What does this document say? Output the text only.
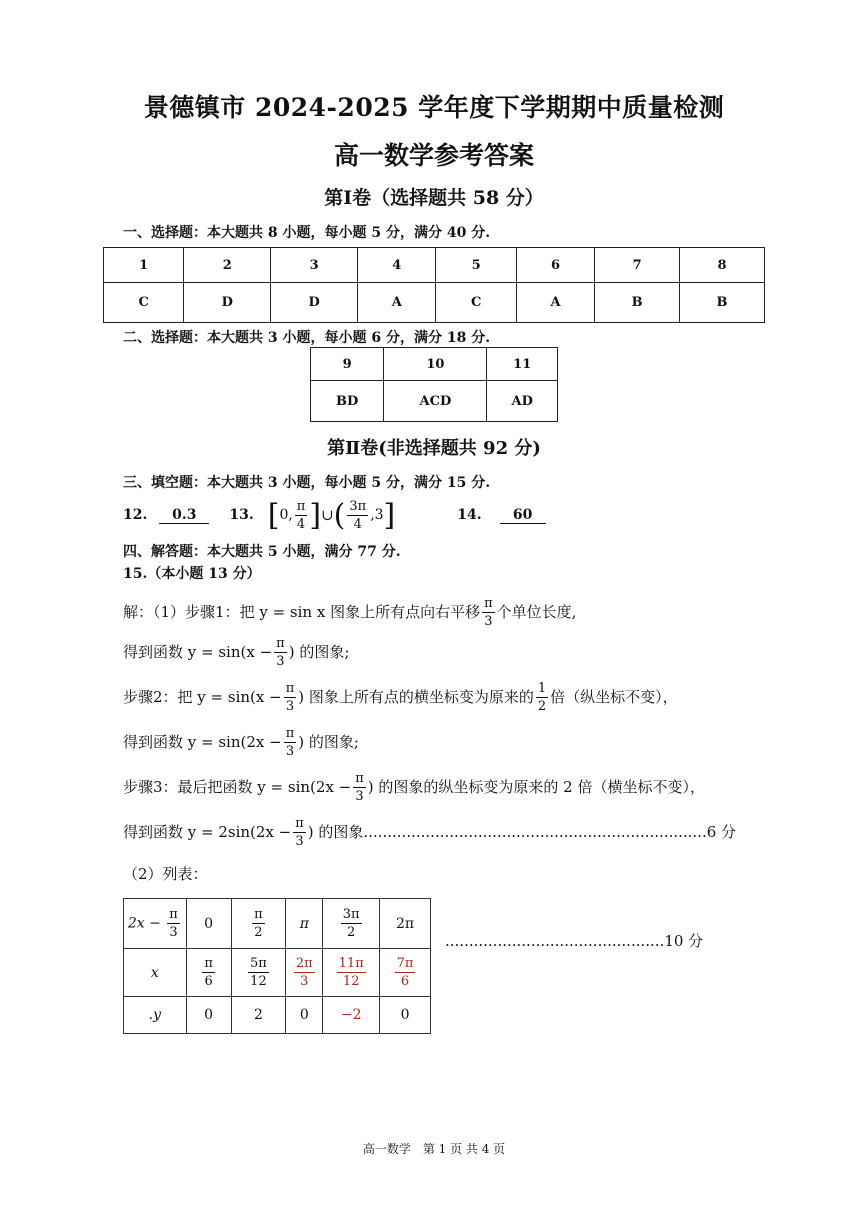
景德镇市 2024-2025 学年度下学期期中质量检测
高一数学参考答案
第Ⅰ卷（选择题共 58 分）
一、选择题：本大题共 8 小题，每小题 5 分，满分 40 分.
1	2	3	4	5	6	7	8
C	D	D	A	C	A	B	B
二、选择题：本大题共 3 小题，每小题 6 分，满分 18 分.
9	10	11
BD	ACD	AD
第Ⅱ卷(非选择题共 92 分)
三、填空题：本大题共 3 小题，每小题 5 分，满分 15 分.
12.	0.3	13. [ 0, $\frac{\pi}{4}$ ] ∪ ( $\frac{3\pi}{4} ,3$ ]	14.	60
四、解答题：本大题共 5 小题，满分 77 分.
15.（本小题 13 分）
解：（1）步骤1：把 y = sin x 图象上所有点向右平移 $\frac{\pi}{3}$ 个单位长度,
得到函数 $y = \sin(x - \frac{\pi}{3}$ ) 的图象;
步骤2：把 $y = \sin(x - \frac{\pi}{3}$ ) 图象上所有点的横坐标变为原来的 $\frac{1}{2}$ 倍（纵坐标不变），
得到函数 $y = \sin(2x - \frac{\pi}{3}$ ) 的图象;
步骤3：最后把函数 $y = \sin(2x - \frac{\pi}{3}$ ) 的图象的纵坐标变为原来的 2 倍（横坐标不变），
得到函数 $y = 2\sin(2x - \frac{\pi}{3}$ ) 的图象........................................................................6 分
（2）列表：
$2x - \frac{\pi}{3}$	0	$\frac{\pi}{2}$	π	$\frac{3\pi}{2}$	2π
x	$\frac{\pi}{6}$	$\frac{5\pi}{12}$	$\frac{2\pi}{3}$	$\frac{11\pi}{12}$	$\frac{7\pi}{6}$

.y	0	2	0	−2	0
..............................................10 分
高一数学　第 1 页 共 4 页
